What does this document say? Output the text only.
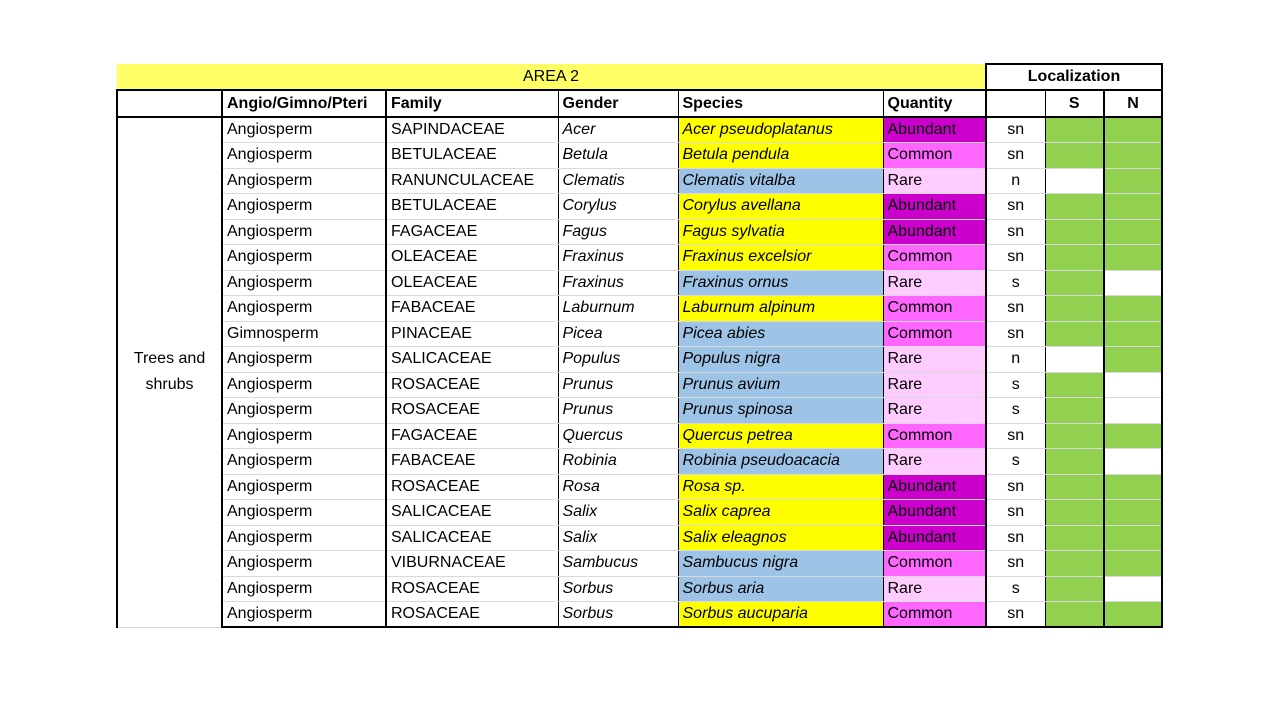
AREA 2						Localization		
	Angio/Gimno/Pteri	Family	Gender	Species	Quantity		S	N
Trees and shrubs	Angiosperm	SAPINDACEAE	Acer	Acer pseudoplatanus	Abundant	sn		
	Angiosperm	BETULACEAE	Betula	Betula pendula	Common	sn		
	Angiosperm	RANUNCULACEAE	Clematis	Clematis vitalba	Rare	n		
	Angiosperm	BETULACEAE	Corylus	Corylus avellana	Abundant	sn		
	Angiosperm	FAGACEAE	Fagus	Fagus sylvatia	Abundant	sn		
	Angiosperm	OLEACEAE	Fraxinus	Fraxinus excelsior	Common	sn		
	Angiosperm	OLEACEAE	Fraxinus	Fraxinus ornus	Rare	s		
	Angiosperm	FABACEAE	Laburnum	Laburnum alpinum	Common	sn		
	Gimnosperm	PINACEAE	Picea	Picea abies	Common	sn		
	Angiosperm	SALICACEAE	Populus	Populus nigra	Rare	n		
	Angiosperm	ROSACEAE	Prunus	Prunus avium	Rare	s		
	Angiosperm	ROSACEAE	Prunus	Prunus spinosa	Rare	s		
	Angiosperm	FAGACEAE	Quercus	Quercus petrea	Common	sn		
	Angiosperm	FABACEAE	Robinia	Robinia pseudoacacia	Rare	s		
	Angiosperm	ROSACEAE	Rosa	Rosa sp.	Abundant	sn		
	Angiosperm	SALICACEAE	Salix	Salix caprea	Abundant	sn		
	Angiosperm	SALICACEAE	Salix	Salix eleagnos	Abundant	sn		
	Angiosperm	VIBURNACEAE	Sambucus	Sambucus nigra	Common	sn		
	Angiosperm	ROSACEAE	Sorbus	Sorbus aria	Rare	s		
	Angiosperm	ROSACEAE	Sorbus	Sorbus aucuparia	Common	sn		
